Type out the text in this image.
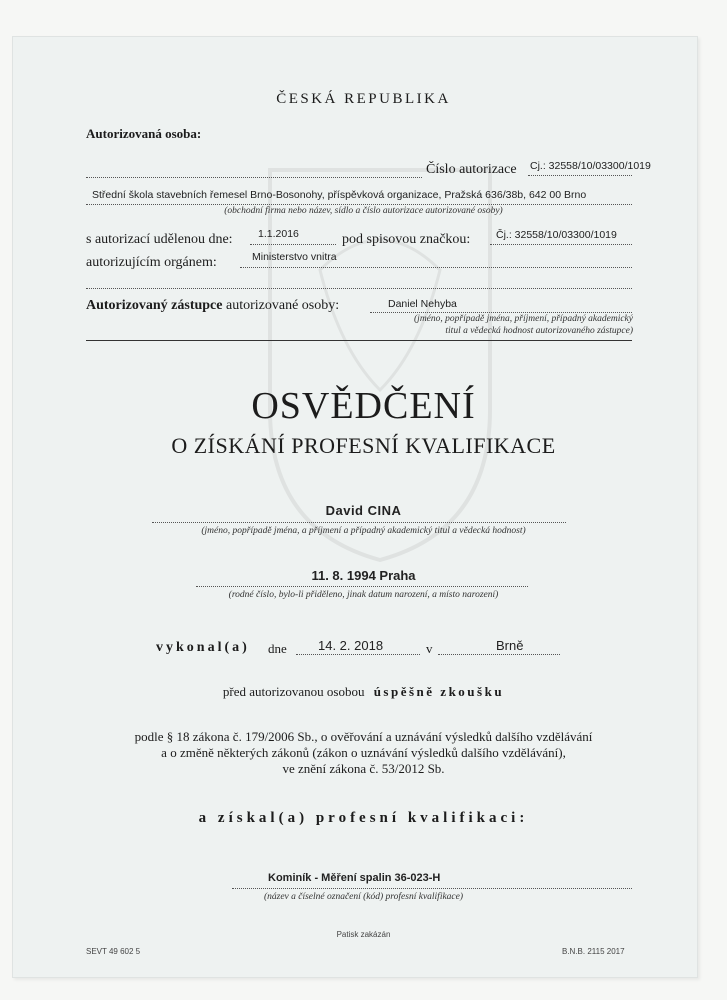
ČESKÁ REPUBLIKA
Autorizovaná osoba:
Číslo autorizace Cj.: 32558/10/03300/1019
Střední škola stavebních řemesel Brno-Bosonohy, příspěvková organizace, Pražská 636/38b, 642 00 Brno
(obchodní firma nebo název, sídlo a číslo autorizace autorizované osoby)
s autorizací udělenou dne: 1.1.2016	pod spisovou značkou: Čj.: 32558/10/03300/1019
autorizujícím orgánem:	Ministerstvo vnitra
Autorizovaný zástupce autorizované osoby:	Daniel Nehyba
(jméno, popřípadě jména, příjmení, případný akademický
titul a vědecká hodnost autorizovaného zástupce)
OSVĚDČENÍ
O ZÍSKÁNÍ PROFESNÍ KVALIFIKACE
David CINA
(jméno, popřípadě jména, a příjmení a případný akademický titul a vědecká hodnost)
11. 8. 1994 Praha
(rodné číslo, bylo-li přiděleno, jinak datum narození, a místo narození)
vykonal(a) dne 14. 2. 2018	v	Brně
před autorizovanou osobou úspěšně zkoušku
podle § 18 zákona č. 179/2006 Sb., o ověřování a uznávání výsledků dalšího vzdělávání
a o změně některých zákonů (zákon o uznávání výsledků dalšího vzdělávání),
ve znění zákona č. 53/2012 Sb.
a získal(a) profesní kvalifikaci:
Kominík - Měření spalin 36-023-H
(název a číselné označení (kód) profesní kvalifikace)
Patisk zakázán
SEVT 49 602 5	B.N.B. 2115 2017
